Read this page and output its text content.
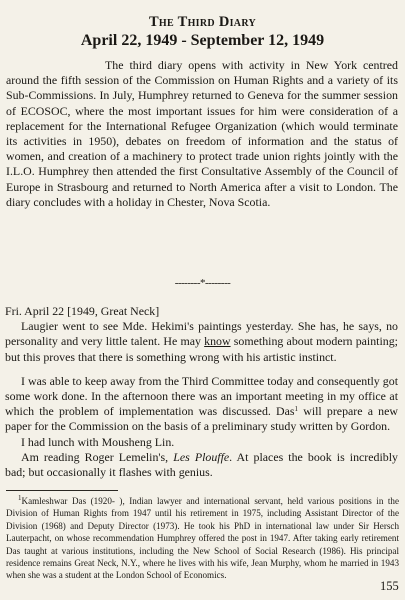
The Third Diary
April 22, 1949 - September 12, 1949

The third diary opens with activity in New York centred around the fifth session of the Commission on Human Rights and a variety of its Sub-Commissions. In July, Humphrey returned to Geneva for the summer session of ECOSOC, where the most important issues for him were consideration of a replacement for the International Refugee Organization (which would terminate its activities in 1950), debates on freedom of information and the status of women, and creation of a machinery to protect trade union rights jointly with the I.L.O. Humphrey then attended the first Consultative Assembly of the Council of Europe in Strasbourg and returned to North America after a visit to London. The diary concludes with a holiday in Chester, Nova Scotia.

--------*--------

Fri. April 22 [1949, Great Neck]

Laugier went to see Mde. Hekimi's paintings yesterday. She has, he says, no personality and very little talent. He may know something about modern painting; but this proves that there is something wrong with his artistic instinct.

I was able to keep away from the Third Committee today and consequently got some work done. In the afternoon there was an important meeting in my office at which the problem of implementation was discussed. Das$^1$ will prepare a new paper for the Commission on the basis of a preliminary study written by Gordon.

I had lunch with Mousheng Lin.

Am reading Roger Lemelin's, Les Plouffe. At places the book is incredibly bad; but occasionally it flashes with genius.

$^1$Kamleshwar Das (1920- ), Indian lawyer and international servant, held various positions in the Division of Human Rights from 1947 until his retirement in 1975, including Assistant Director of the Division (1968) and Deputy Director (1973). He took his PhD in international law under Sir Hersch Lauterpacht, on whose recommendation Humphrey offered the post in 1947. After taking early retirement Das taught at various institutions, including the New School of Social Research (1986). His principal residence remains Great Neck, N.Y., where he lives with his wife, Jean Murphy, whom he married in 1943 when she was a student at the London School of Economics.

155
